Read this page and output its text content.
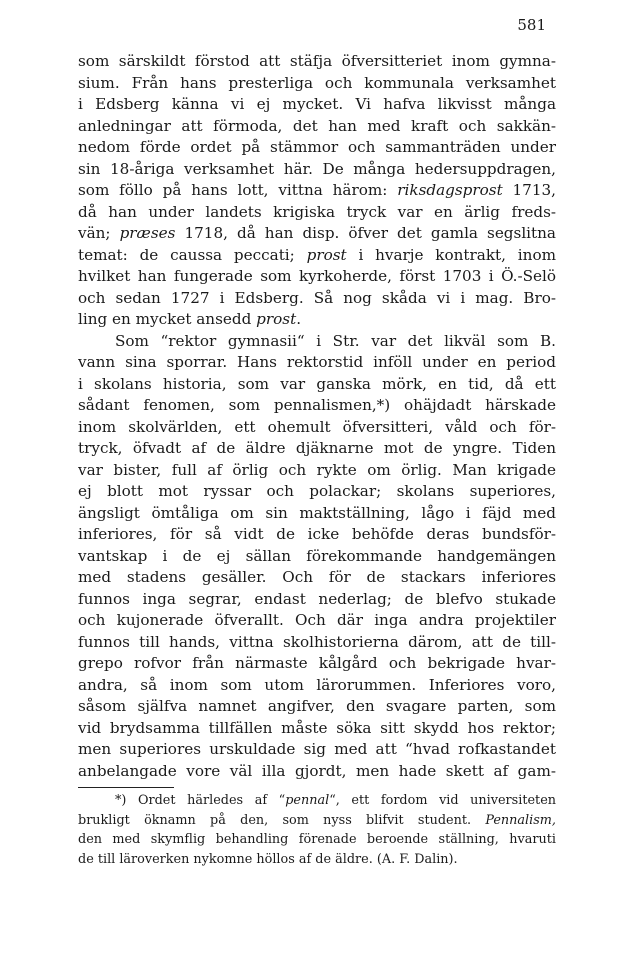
581
som särskildt förstod att stäfja öfversitteriet inom gymna-
sium. Från hans presterliga och kommunala verksamhet
i Edsberg känna vi ej mycket. Vi hafva likvisst många
anledningar att förmoda, det han med kraft och sakkän-
nedom förde ordet på stämmor och sammanträden under
sin 18-åriga verksamhet här. De många hedersuppdragen,
som föllo på hans lott, vittna härom: riksdagsprost 1713,
då han under landets krigiska tryck var en ärlig freds-
vän; præses 1718, då han disp. öfver det gamla segslitna
temat: de caussa peccati; prost i hvarje kontrakt, inom
hvilket han fungerade som kyrkoherde, först 1703 i Ö.-Selö
och sedan 1727 i Edsberg. Så nog skåda vi i mag. Bro-
ling en mycket ansedd prost.
Som “rektor gymnasii“ i Str. var det likväl som B.
vann sina sporrar. Hans rektorstid inföll under en period
i skolans historia, som var ganska mörk, en tid, då ett
sådant fenomen, som pennalismen,*) ohäjdadt härskade
inom skolvärlden, ett ohemult öfversitteri, våld och för-
tryck, öfvadt af de äldre djäknarne mot de yngre. Tiden
var bister, full af örlig och rykte om örlig. Man krigade
ej blott mot ryssar och polackar; skolans superiores,
ängsligt ömtåliga om sin maktställning, lågo i fäjd med
inferiores, för så vidt de icke behöfde deras bundsför-
vantskap i de ej sällan förekommande handgemängen
med stadens gesäller. Och för de stackars inferiores
funnos inga segrar, endast nederlag; de blefvo stukade
och kujonerade öfverallt. Och där inga andra projektiler
funnos till hands, vittna skolhistorierna därom, att de till-
grepo rofvor från närmaste kålgård och bekrigade hvar-
andra, så inom som utom lärorummen. Inferiores voro,
såsom själfva namnet angifver, den svagare parten, som
vid brydsamma tillfällen måste söka sitt skydd hos rektor;
men superiores urskuldade sig med att “hvad rofkastandet
anbelangade vore väl illa gjordt, men hade skett af gam-
*) Ordet härledes af “pennal“, ett fordom vid universiteten
brukligt öknamn på den, som nyss blifvit student. Pennalism,
den med skymflig behandling förenade beroende ställning, hvaruti
de till läroverken nykomne höllos af de äldre. (A. F. Dalin).
